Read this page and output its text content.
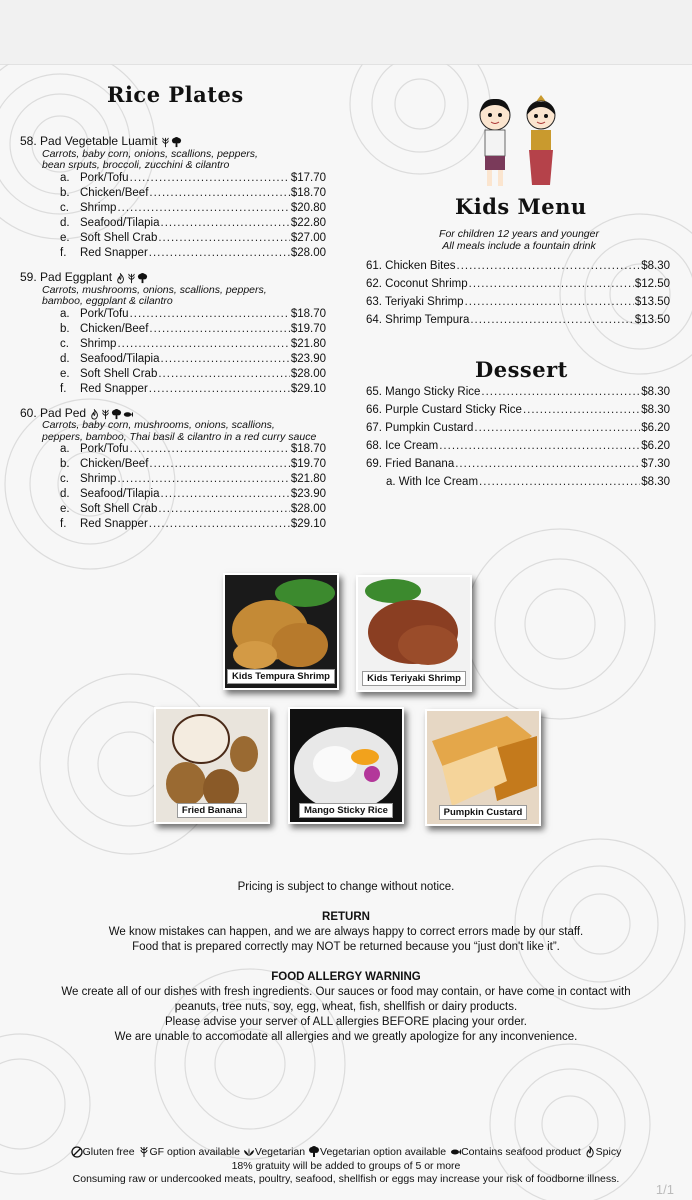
Rice Plates
58. Pad Vegetable Luamit
Carrots, baby corn, onions, scallions, peppers,
bean srputs, broccoli, zucchini & cilantro
a. Pork/Tofu .....	$17.70
b. Chicken/Beef .....	$18.70
c. Shrimp .....	$20.80
d. Seafood/Tilapia .....	$22.80
e. Soft Shell Crab .....	$27.00
f.	Red Snapper .....	$28.00
59. Pad Eggplant
Carrots, mushrooms, onions, scallions, peppers,
bamboo, eggplant & cilantro
a. Pork/Tofu .....	$18.70
b. Chicken/Beef .....	$19.70
c. Shrimp .....	$21.80
d. Seafood/Tilapia .....	$23.90
e. Soft Shell Crab .....	$28.00
f.	Red Snapper .....	$29.10
60. Pad Ped
Carrots, baby corn, mushrooms, onions, scallions,
peppers, bamboo, Thai basil & cilantro in a red curry sauce
a. Pork/Tofu .....	$18.70
b. Chicken/Beef .....	$19.70
c. Shrimp .....	$21.80
d. Seafood/Tilapia .....	$23.90
e. Soft Shell Crab .....	$28.00
f.	Red Snapper .....	$29.10
Kids Menu
For children 12 years and younger
All meals include a fountain drink
61. Chicken Bites .....	$8.30
62. Coconut Shrimp .....	$12.50
63. Teriyaki Shrimp .....	$13.50
64. Shrimp Tempura .....	$13.50
Dessert
65. Mango Sticky Rice .....	$8.30
66. Purple Custard Sticky Rice .....	$8.30
67. Pumpkin Custard .....	$6.20
68. Ice Cream .....	$6.20
69. Fried Banana .....	$7.30
a. With Ice Cream .....	$8.30
Kids Tempura Shrimp	Kids Teriyaki Shrimp
Fried Banana	Mango Sticky Rice	Pumpkin Custard
Pricing is subject to change without notice.
RETURN
We know mistakes can happen, and we are always happy to correct errors made by our staff.
Food that is prepared correctly may NOT be returned because you “just don't like it”.
FOOD ALLERGY WARNING
We create all of our dishes with fresh ingredients. Our sauces or food may contain, or have come in contact with
peanuts, tree nuts, soy, egg, wheat, fish, shellfish or dairy products.
Please advise your server of ALL allergies BEFORE placing your order.
We are unable to accomodate all allergies and we greatly apologize for any inconvenience.
Gluten free GF option available Vegetarian Vegetarian option available Contains seafood product Spicy
18% gratuity will be added to groups of 5 or more
Consuming raw or undercooked meats, poultry, seafood, shellfish or eggs may increase your risk of foodborne illness.
1/1
